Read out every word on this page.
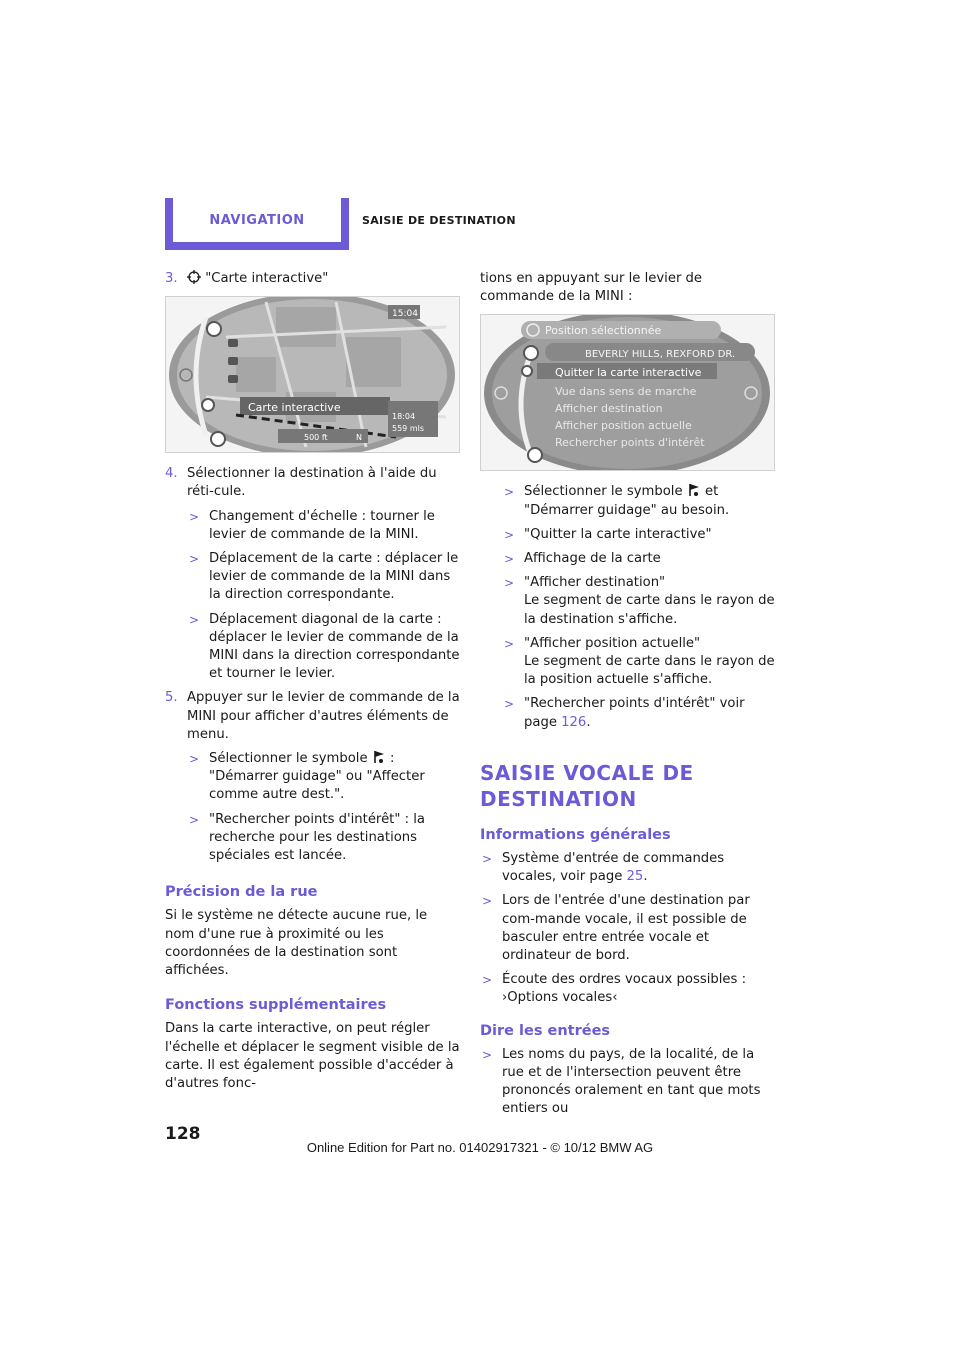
NAVIGATION	SAISIE DE DESTINATION
3.	"Carte interactive"
Carte interactive
15:04
18:04
559 mls
500 ft	N
4. Sélectionner la destination à l'aide du réti-cule.
> Changement d'échelle : tourner le levier de commande de la MINI.
> Déplacement de la carte : déplacer le levier de commande de la MINI dans la direction correspondante.
> Déplacement diagonal de la carte : déplacer le levier de commande de la MINI dans la direction correspondante et tourner le levier.
5. Appuyer sur le levier de commande de la MINI pour afficher d'autres éléments de menu.
> Sélectionner le symbole : "Démarrer guidage" ou "Affecter comme autre dest.".
> "Rechercher points d'intérêt" : la recherche pour les destinations spéciales est lancée.
Précision de la rue
Si le système ne détecte aucune rue, le nom d'une rue à proximité ou les coordonnées de la destination sont affichées.
Fonctions supplémentaires
Dans la carte interactive, on peut régler l'échelle et déplacer le segment visible de la carte. Il est également possible d'accéder à d'autres fonc-
tions en appuyant sur le levier de commande de la MINI :
Position sélectionnée
BEVERLY HILLS, REXFORD DR.
Quitter la carte interactive
Vue dans sens de marche
Afficher destination
Afficher position actuelle
Rechercher points d'intérêt
> Sélectionner le symbole et "Démarrer guidage" au besoin.
> "Quitter la carte interactive"
> Affichage de la carte
> "Afficher destination"
Le segment de carte dans le rayon de la destination s'affiche.
> "Afficher position actuelle"
Le segment de carte dans le rayon de la position actuelle s'affiche.
> "Rechercher points d'intérêt" voir page 126.
SAISIE VOCALE DE
DESTINATION
Informations générales
> Système d'entrée de commandes vocales, voir page 25.
> Lors de l'entrée d'une destination par com-mande vocale, il est possible de basculer entre entrée vocale et ordinateur de bord.
> Écoute des ordres vocaux possibles :
›Options vocales‹
Dire les entrées
> Les noms du pays, de la localité, de la rue et de l'intersection peuvent être prononcés oralement en tant que mots entiers ou
128
Online Edition for Part no. 01402917321 - © 10/12 BMW AG
